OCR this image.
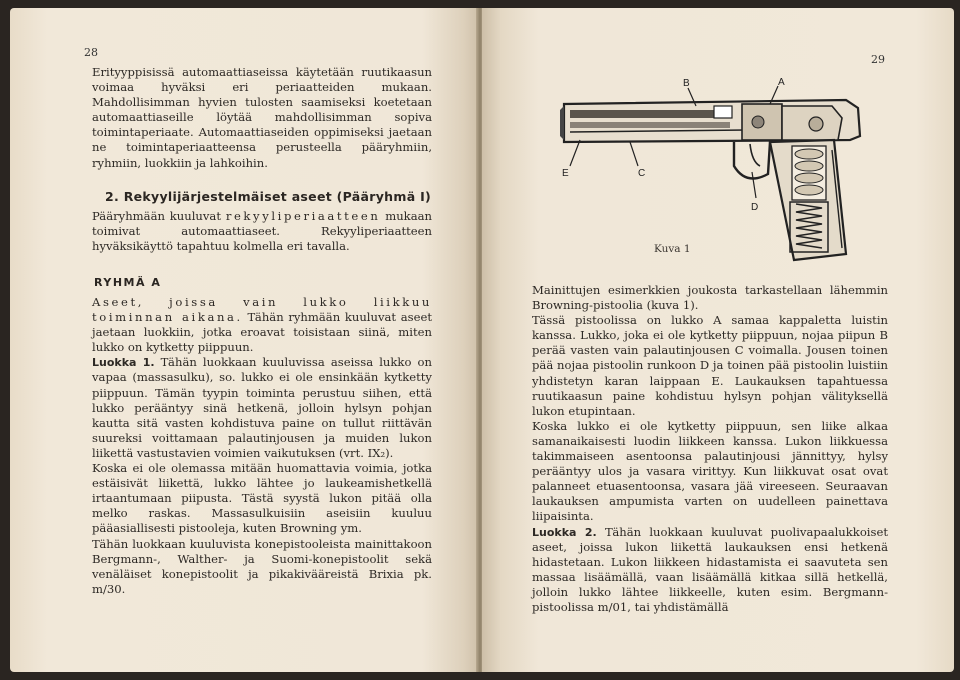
28

Erityyppisissä automaattiaseissa käytetään ruutikaasun voimaa hyväksi eri periaatteiden mukaan. Mahdollisimman hyvien tulosten saamiseksi koetetaan automaattiaseille löytää mahdollisimman sopiva toimintaperiaate. Automaattiaseiden oppimiseksi jaetaan ne toimintaperiaatteensa perusteella pääryhmiin, ryhmiin, luokkiin ja lahkoihin.

2. Rekyylijärjestelmäiset aseet (Pääryhmä I)

Pääryhmään kuuluvat rekyyliperiaatteen mukaan toimivat automaattiaseet. Rekyyliperiaatteen hyväksikäyttö tapahtuu kolmella eri tavalla.

RYHMÄ A

Aseet, joissa vain lukko liikkuu toiminnan aikana. Tähän ryhmään kuuluvat aseet jaetaan luokkiin, jotka eroavat toisistaan siinä, miten lukko on kytketty piippuun.

Luokka 1. Tähän luokkaan kuuluvissa aseissa lukko on vapaa (massasulku), so. lukko ei ole ensinkään kytketty piippuun. Tämän tyypin toiminta perustuu siihen, että lukko perääntyy sinä hetkenä, jolloin hylsyn pohjan kautta sitä vasten kohdistuva paine on tullut riittävän suureksi voittamaan palautinjousen ja muiden lukon liikettä vastustavien voimien vaikutuksen (vrt. IX₂).

Koska ei ole olemassa mitään huomattavia voimia, jotka estäisivät liikettä, lukko lähtee jo laukeamishetkellä irtaantumaan piipusta. Tästä syystä lukon pitää olla melko raskas. Massasulkuisiin aseisiin kuuluu pääasiallisesti pistooleja, kuten Browning ym.

Tähän luokkaan kuuluvista konepistooleista mainittakoon Bergmann-, Walther- ja Suomi-konepistoolit sekä venäläiset konepistoolit ja pikakivääreistä Brixia pk. m/30.

29
B	A
E	C
D
Kuva 1

Mainittujen esimerkkien joukosta tarkastellaan lähemmin Browning-pistoolia (kuva 1).

Tässä pistoolissa on lukko A samaa kappaletta luistin kanssa. Lukko, joka ei ole kytketty piippuun, nojaa piipun B perää vasten vain palautinjousen C voimalla. Jousen toinen pää nojaa pistoolin runkoon D ja toinen pää pistoolin luistiin yhdistetyn karan laippaan E. Laukauksen tapahtuessa ruutikaasun paine kohdistuu hylsyn pohjan välityksellä lukon etupintaan.

Koska lukko ei ole kytketty piippuun, sen liike alkaa samanaikaisesti luodin liikkeen kanssa. Lukon liikkuessa takimmaiseen asentoonsa palautinjousi jännittyy, hylsy perääntyy ulos ja vasara virittyy. Kun liikkuvat osat ovat palanneet etuasentoonsa, vasara jää vireeseen. Seuraavan laukauksen ampumista varten on uudelleen painettava liipaisinta.

Luokka 2. Tähän luokkaan kuuluvat puolivapaalukkoiset aseet, joissa lukon liikettä laukauksen ensi hetkenä hidastetaan. Lukon liikkeen hidastamista ei saavuteta sen massaa lisäämällä, vaan lisäämällä kitkaa sillä hetkellä, jolloin lukko lähtee liikkeelle, kuten esim. Bergmann-pistoolissa m/01, tai yhdistämällä
